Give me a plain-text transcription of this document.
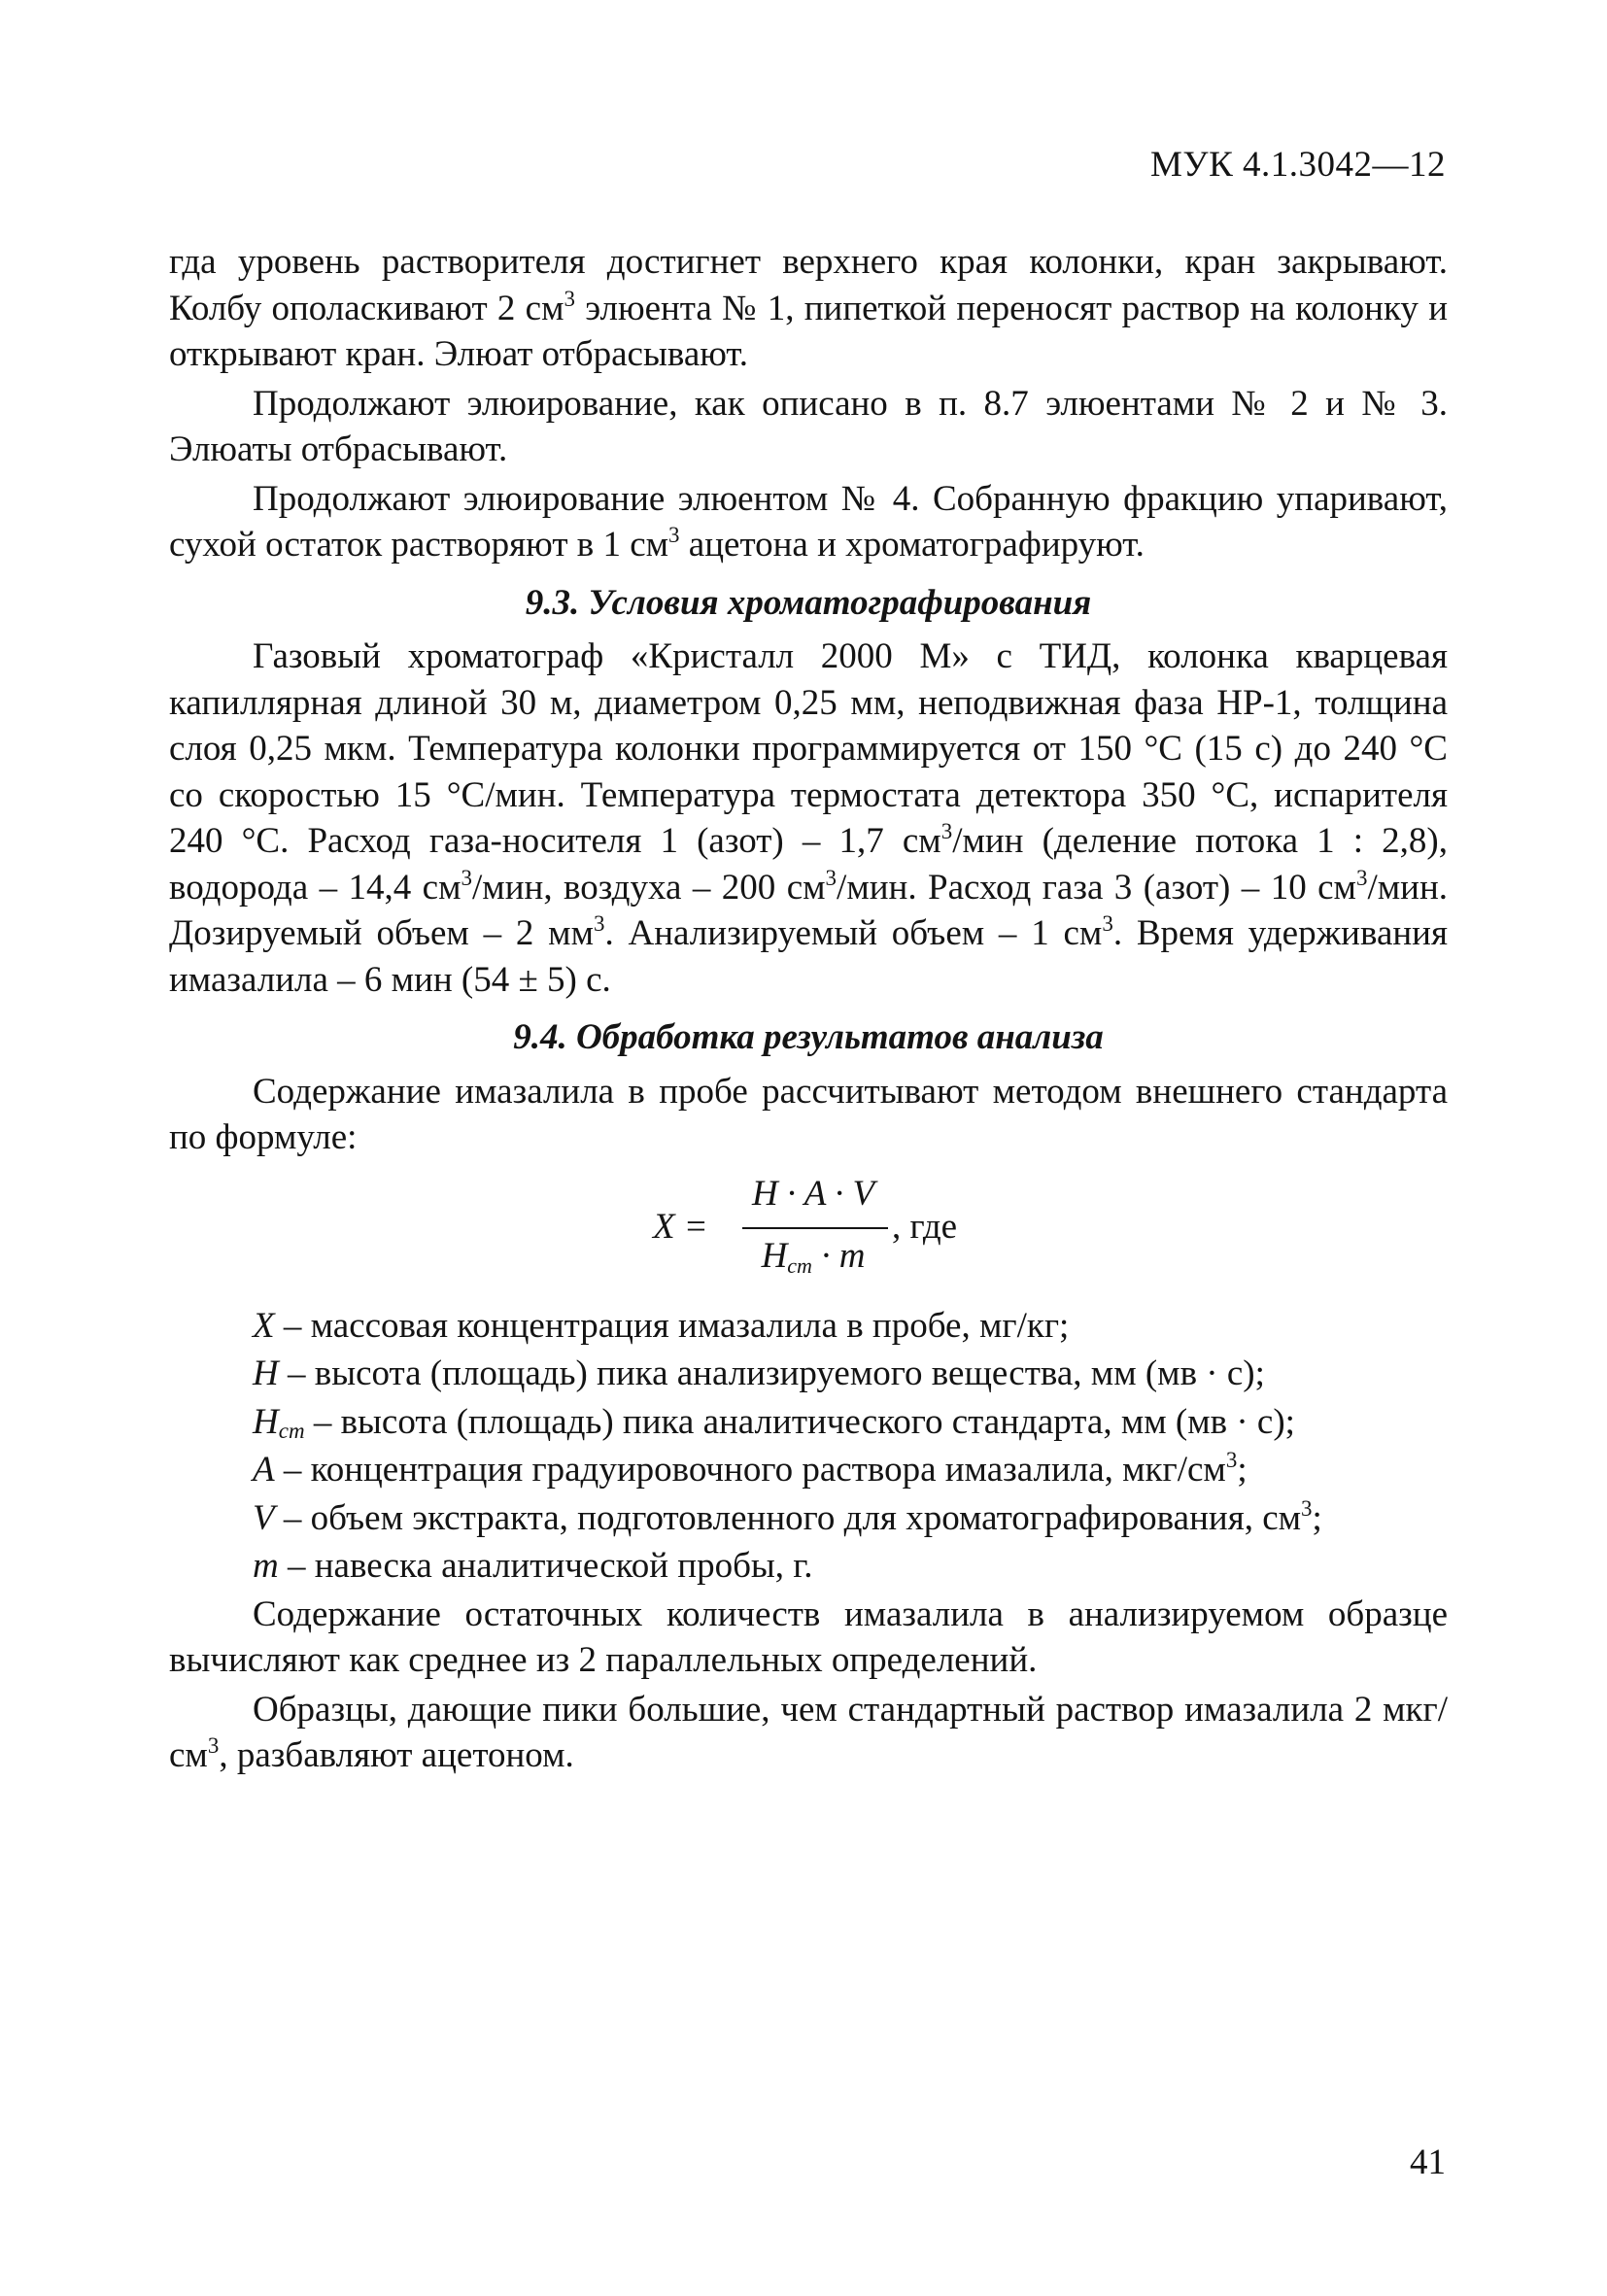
МУК 4.1.3042—12

гда уровень растворителя достигнет верхнего края колонки, кран закрывают. Колбу ополаскивают 2 $см^3$ элюента № 1, пипеткой переносят раствор на колонку и открывают кран. Элюат отбрасывают.

Продолжают элюирование, как описано в п. 8.7 элюентами № 2 и № 3. Элюаты отбрасывают.

Продолжают элюирование элюентом № 4. Собранную фракцию упаривают, сухой остаток растворяют в 1 $см^3$ ацетона и хроматографируют.

9.3. Условия хроматографирования

Газовый хроматограф «Кристалл 2000 М» с ТИД, колонка кварцевая капиллярная длиной 30 м, диаметром 0,25 мм, неподвижная фаза HP-1, толщина слоя 0,25 мкм. Температура колонки программируется от 150 °C (15 с) до 240 °C со скоростью 15 °C/мин. Температура термостата детектора 350 °C, испарителя 240 °C. Расход газа-носителя 1 (азот) – 1,7 $см^3$/мин (деление потока 1 : 2,8), водорода – 14,4 $см^3$/мин, воздуха – 200 $см^3$/мин. Расход газа 3 (азот) – 10 $см^3$/мин. Дозируемый объем – 2 $мм^3$. Анализируемый объем – 1 $см^3$. Время удерживания имазалила – 6 мин (54 ± 5) с.

9.4. Обработка результатов анализа

Содержание имазалила в пробе рассчитывают методом внешнего стандарта по формуле:

X =
H · A · V
$H_{ст} \cdot m$
, где
X – массовая концентрация имазалила в пробе, мг/кг;
H – высота (площадь) пика анализируемого вещества, мм (мв · с);
$H_{ст}$ – высота (площадь) пика аналитического стандарта, мм (мв · с);
A – концентрация градуировочного раствора имазалила, мкг/$см^3$;
V – объем экстракта, подготовленного для хроматографирования, $см^3$;
m – навеска аналитической пробы, г.

Содержание остаточных количеств имазалила в анализируемом образце вычисляют как среднее из 2 параллельных определений.

Образцы, дающие пики большие, чем стандартный раствор имазалила 2 мкг/$см^3$, разбавляют ацетоном.

41
